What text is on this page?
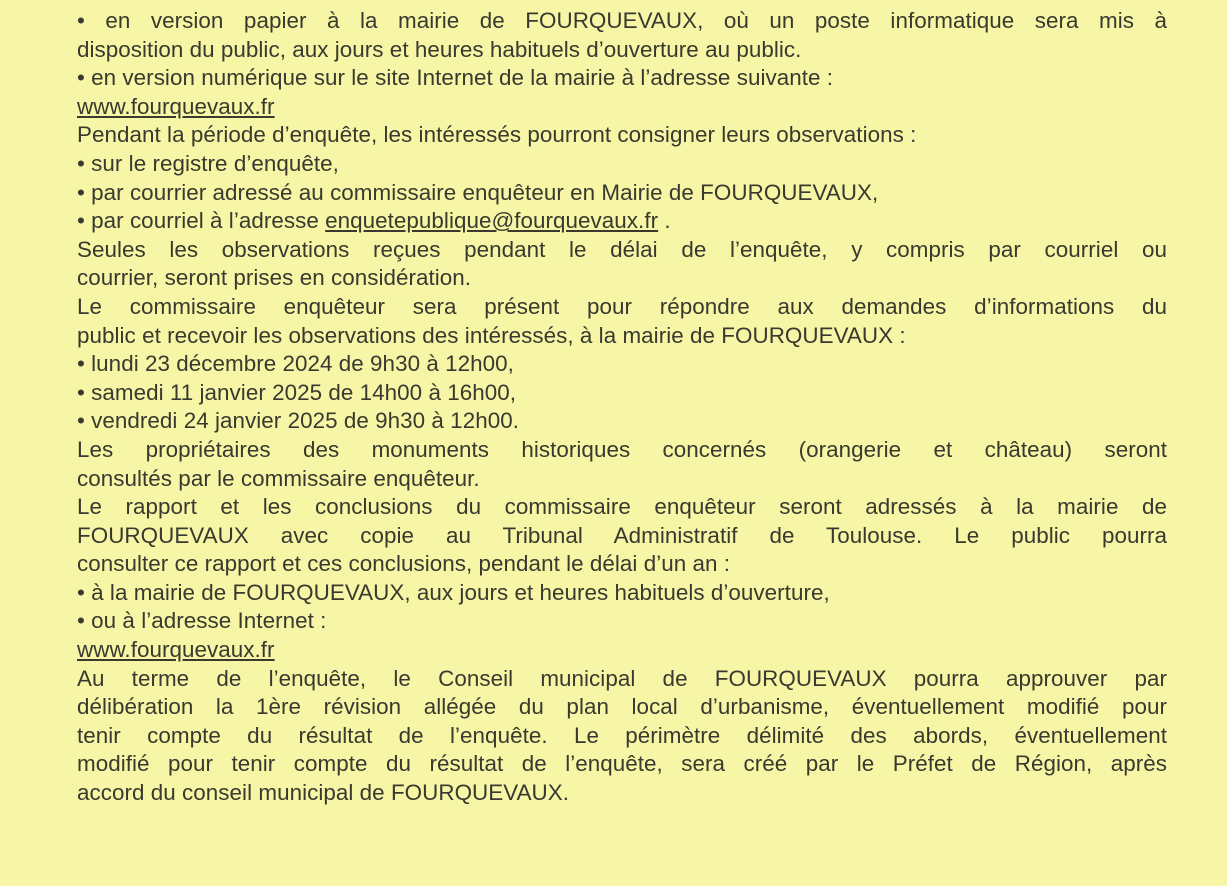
• en version papier à la mairie de FOURQUEVAUX, où un poste informatique sera mis à
disposition du public, aux jours et heures habituels d’ouverture au public.
• en version numérique sur le site Internet de la mairie à l’adresse suivante :
www.fourquevaux.fr
Pendant la période d’enquête, les intéressés pourront consigner leurs observations :
• sur le registre d’enquête,
• par courrier adressé au commissaire enquêteur en Mairie de FOURQUEVAUX,
• par courriel à l’adresse enquetepublique@fourquevaux.fr .
Seules les observations reçues pendant le délai de l’enquête, y compris par courriel ou
courrier, seront prises en considération.
Le commissaire enquêteur sera présent pour répondre aux demandes d’informations du
public et recevoir les observations des intéressés, à la mairie de FOURQUEVAUX :
• lundi 23 décembre 2024 de 9h30 à 12h00,
• samedi 11 janvier 2025 de 14h00 à 16h00,
• vendredi 24 janvier 2025 de 9h30 à 12h00.
Les propriétaires des monuments historiques concernés (orangerie et château) seront
consultés par le commissaire enquêteur.
Le rapport et les conclusions du commissaire enquêteur seront adressés à la mairie de
FOURQUEVAUX avec copie au Tribunal Administratif de Toulouse. Le public pourra
consulter ce rapport et ces conclusions, pendant le délai d’un an :
• à la mairie de FOURQUEVAUX, aux jours et heures habituels d’ouverture,
• ou à l’adresse Internet :
www.fourquevaux.fr
Au terme de l’enquête, le Conseil municipal de FOURQUEVAUX pourra approuver par
délibération la 1ère révision allégée du plan local d’urbanisme, éventuellement modifié pour
tenir compte du résultat de l’enquête. Le périmètre délimité des abords, éventuellement
modifié pour tenir compte du résultat de l’enquête, sera créé par le Préfet de Région, après
accord du conseil municipal de FOURQUEVAUX.
